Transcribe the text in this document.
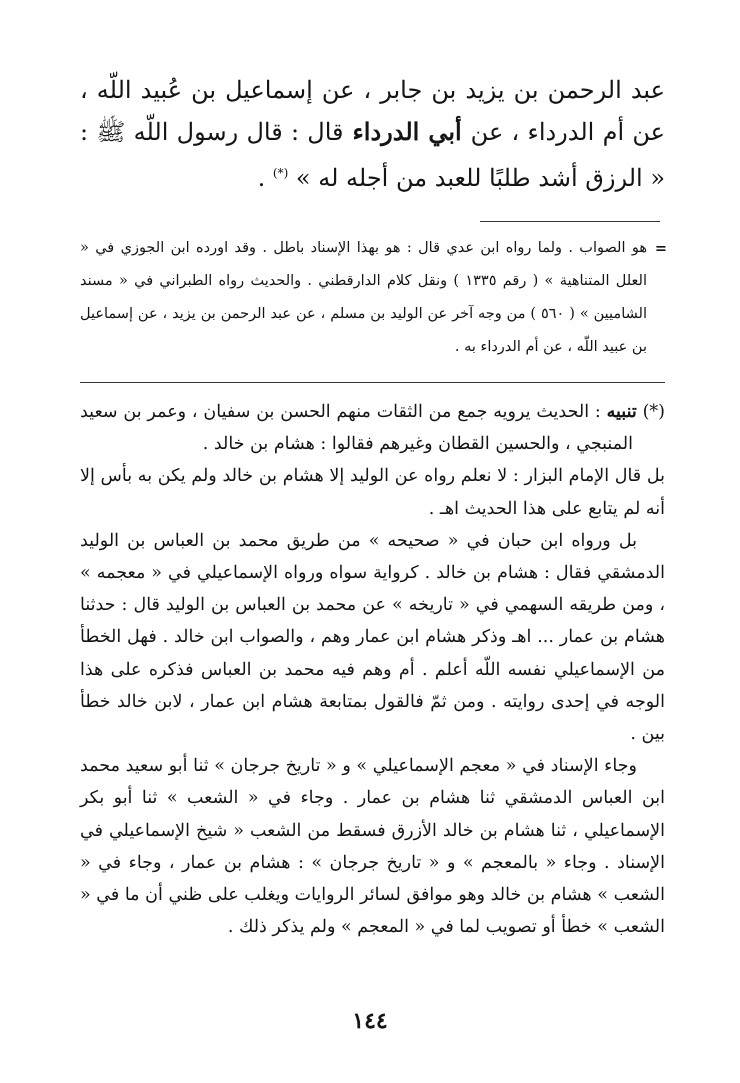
عبد الرحمن بن يزيد بن جابر ، عن إسماعيل بن عُبيد اللّه ، عن أم الدرداء ، عن أبي الدرداء قال : قال رسول اللّه ﷺ : « الرزق أشد طلبًا للعبد من أجله له » (*) .

=

هو الصواب . ولما رواه ابن عدي قال : هو بهذا الإسناد باطل . وقد اورده ابن الجوزي في « العلل المتناهية » ( رقم ١٣٣٥ ) ونقل كلام الدارقطني . والحديث رواه الطبراني في « مسند الشاميين » ( ٥٦٠ ) من وجه آخر عن الوليد بن مسلم ، عن عبد الرحمن بن يزيد ، عن إسماعيل بن عبيد اللّه ، عن أم الدرداء به .

(*) تنبيه : الحديث يرويه جمع من الثقات منهم الحسن بن سفيان ، وعمر بن سعيد المنبجي ، والحسين القطان وغيرهم فقالوا : هشام بن خالد .

بل قال الإمام البزار : لا نعلم رواه عن الوليد إلا هشام بن خالد ولم يكن به بأس إلا أنه لم يتابع على هذا الحديث اهـ .

بل ورواه ابن حبان في « صحيحه » من طريق محمد بن العباس بن الوليد الدمشقي فقال : هشام بن خالد . كرواية سواه ورواه الإسماعيلي في « معجمه » ، ومن طريقه السهمي في « تاريخه » عن محمد بن العباس بن الوليد قال : حدثنا هشام بن عمار ... اهـ وذكر هشام ابن عمار وهم ، والصواب ابن خالد . فهل الخطأ من الإسماعيلي نفسه اللّه أعلم . أم وهم فيه محمد بن العباس فذكره على هذا الوجه في إحدى روايته . ومن ثمّ فالقول بمتابعة هشام ابن عمار ، لابن خالد خطأ بين .

وجاء الإسناد في « معجم الإسماعيلي » و « تاريخ جرجان » ثنا أبو سعيد محمد ابن العباس الدمشقي ثنا هشام بن عمار . وجاء في « الشعب » ثنا أبو بكر الإسماعيلي ، ثنا هشام بن خالد الأزرق فسقط من الشعب « شيخ الإسماعيلي في الإسناد . وجاء « بالمعجم » و « تاريخ جرجان » : هشام بن عمار ، وجاء في « الشعب » هشام بن خالد وهو موافق لسائر الروايات ويغلب على ظني أن ما في « الشعب » خطأ أو تصويب لما في « المعجم » ولم يذكر ذلك .

١٤٤
